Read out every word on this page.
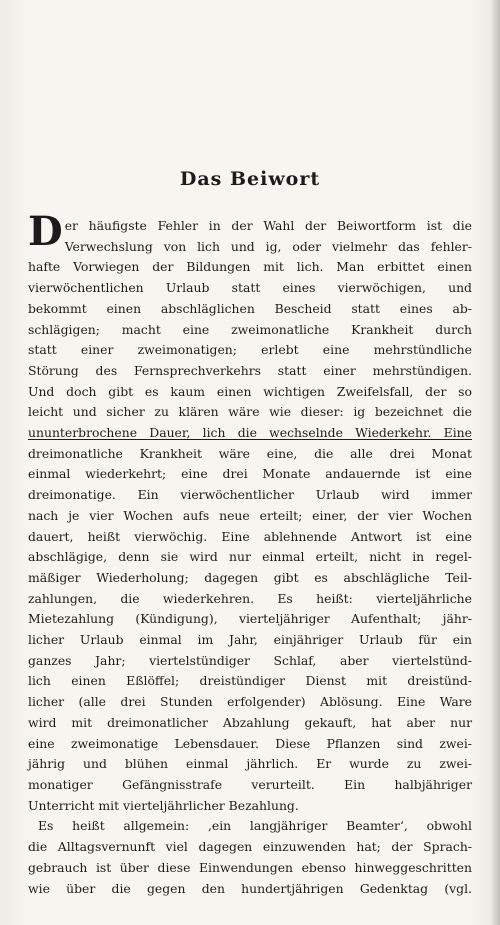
Das Beiwort

D er häufigste Fehler in der Wahl der Beiwortform ist die
Verwechslung von lich und ig, oder vielmehr das fehler-
hafte Vorwiegen der Bildungen mit lich. Man erbittet einen
vierwöchentlichen Urlaub statt eines vierwöchigen, und
bekommt einen abschläglichen Bescheid statt eines ab-
schlägigen; macht eine zweimonatliche Krankheit durch
statt einer zweimonatigen; erlebt eine mehrstündliche
Störung des Fernsprechverkehrs statt einer mehrstündigen.
Und doch gibt es kaum einen wichtigen Zweifelsfall, der so
leicht und sicher zu klären wäre wie dieser: ig bezeichnet die
ununterbrochene Dauer, lich die wechselnde Wiederkehr. Eine
dreimonatliche Krankheit wäre eine, die alle drei Monat
einmal wiederkehrt; eine drei Monate andauernde ist eine
dreimonatige. Ein vierwöchentlicher Urlaub wird immer
nach je vier Wochen aufs neue erteilt; einer, der vier Wochen
dauert, heißt vierwöchig. Eine ablehnende Antwort ist eine
abschlägige, denn sie wird nur einmal erteilt, nicht in regel-
mäßiger Wiederholung; dagegen gibt es abschlägliche Teil-
zahlungen, die wiederkehren. Es heißt: vierteljährliche
Mietezahlung (Kündigung), vierteljähriger Aufenthalt; jähr-
licher Urlaub einmal im Jahr, einjähriger Urlaub für ein
ganzes Jahr; viertelstündiger Schlaf, aber viertelstünd-
lich einen Eßlöffel; dreistündiger Dienst mit dreistünd-
licher (alle drei Stunden erfolgender) Ablösung. Eine Ware
wird mit dreimonatlicher Abzahlung gekauft, hat aber nur
eine zweimonatige Lebensdauer. Diese Pflanzen sind zwei-
jährig und blühen einmal jährlich. Er wurde zu zwei-
monatiger Gefängnisstrafe verurteilt. Ein halbjähriger
Unterricht mit vierteljährlicher Bezahlung.

Es heißt allgemein: ‚ein langjähriger Beamter‘, obwohl
die Alltagsvernunft viel dagegen einzuwenden hat; der Sprach-
gebrauch ist über diese Einwendungen ebenso hinweggeschritten
wie über die gegen den hundertjährigen Gedenktag (vgl.
